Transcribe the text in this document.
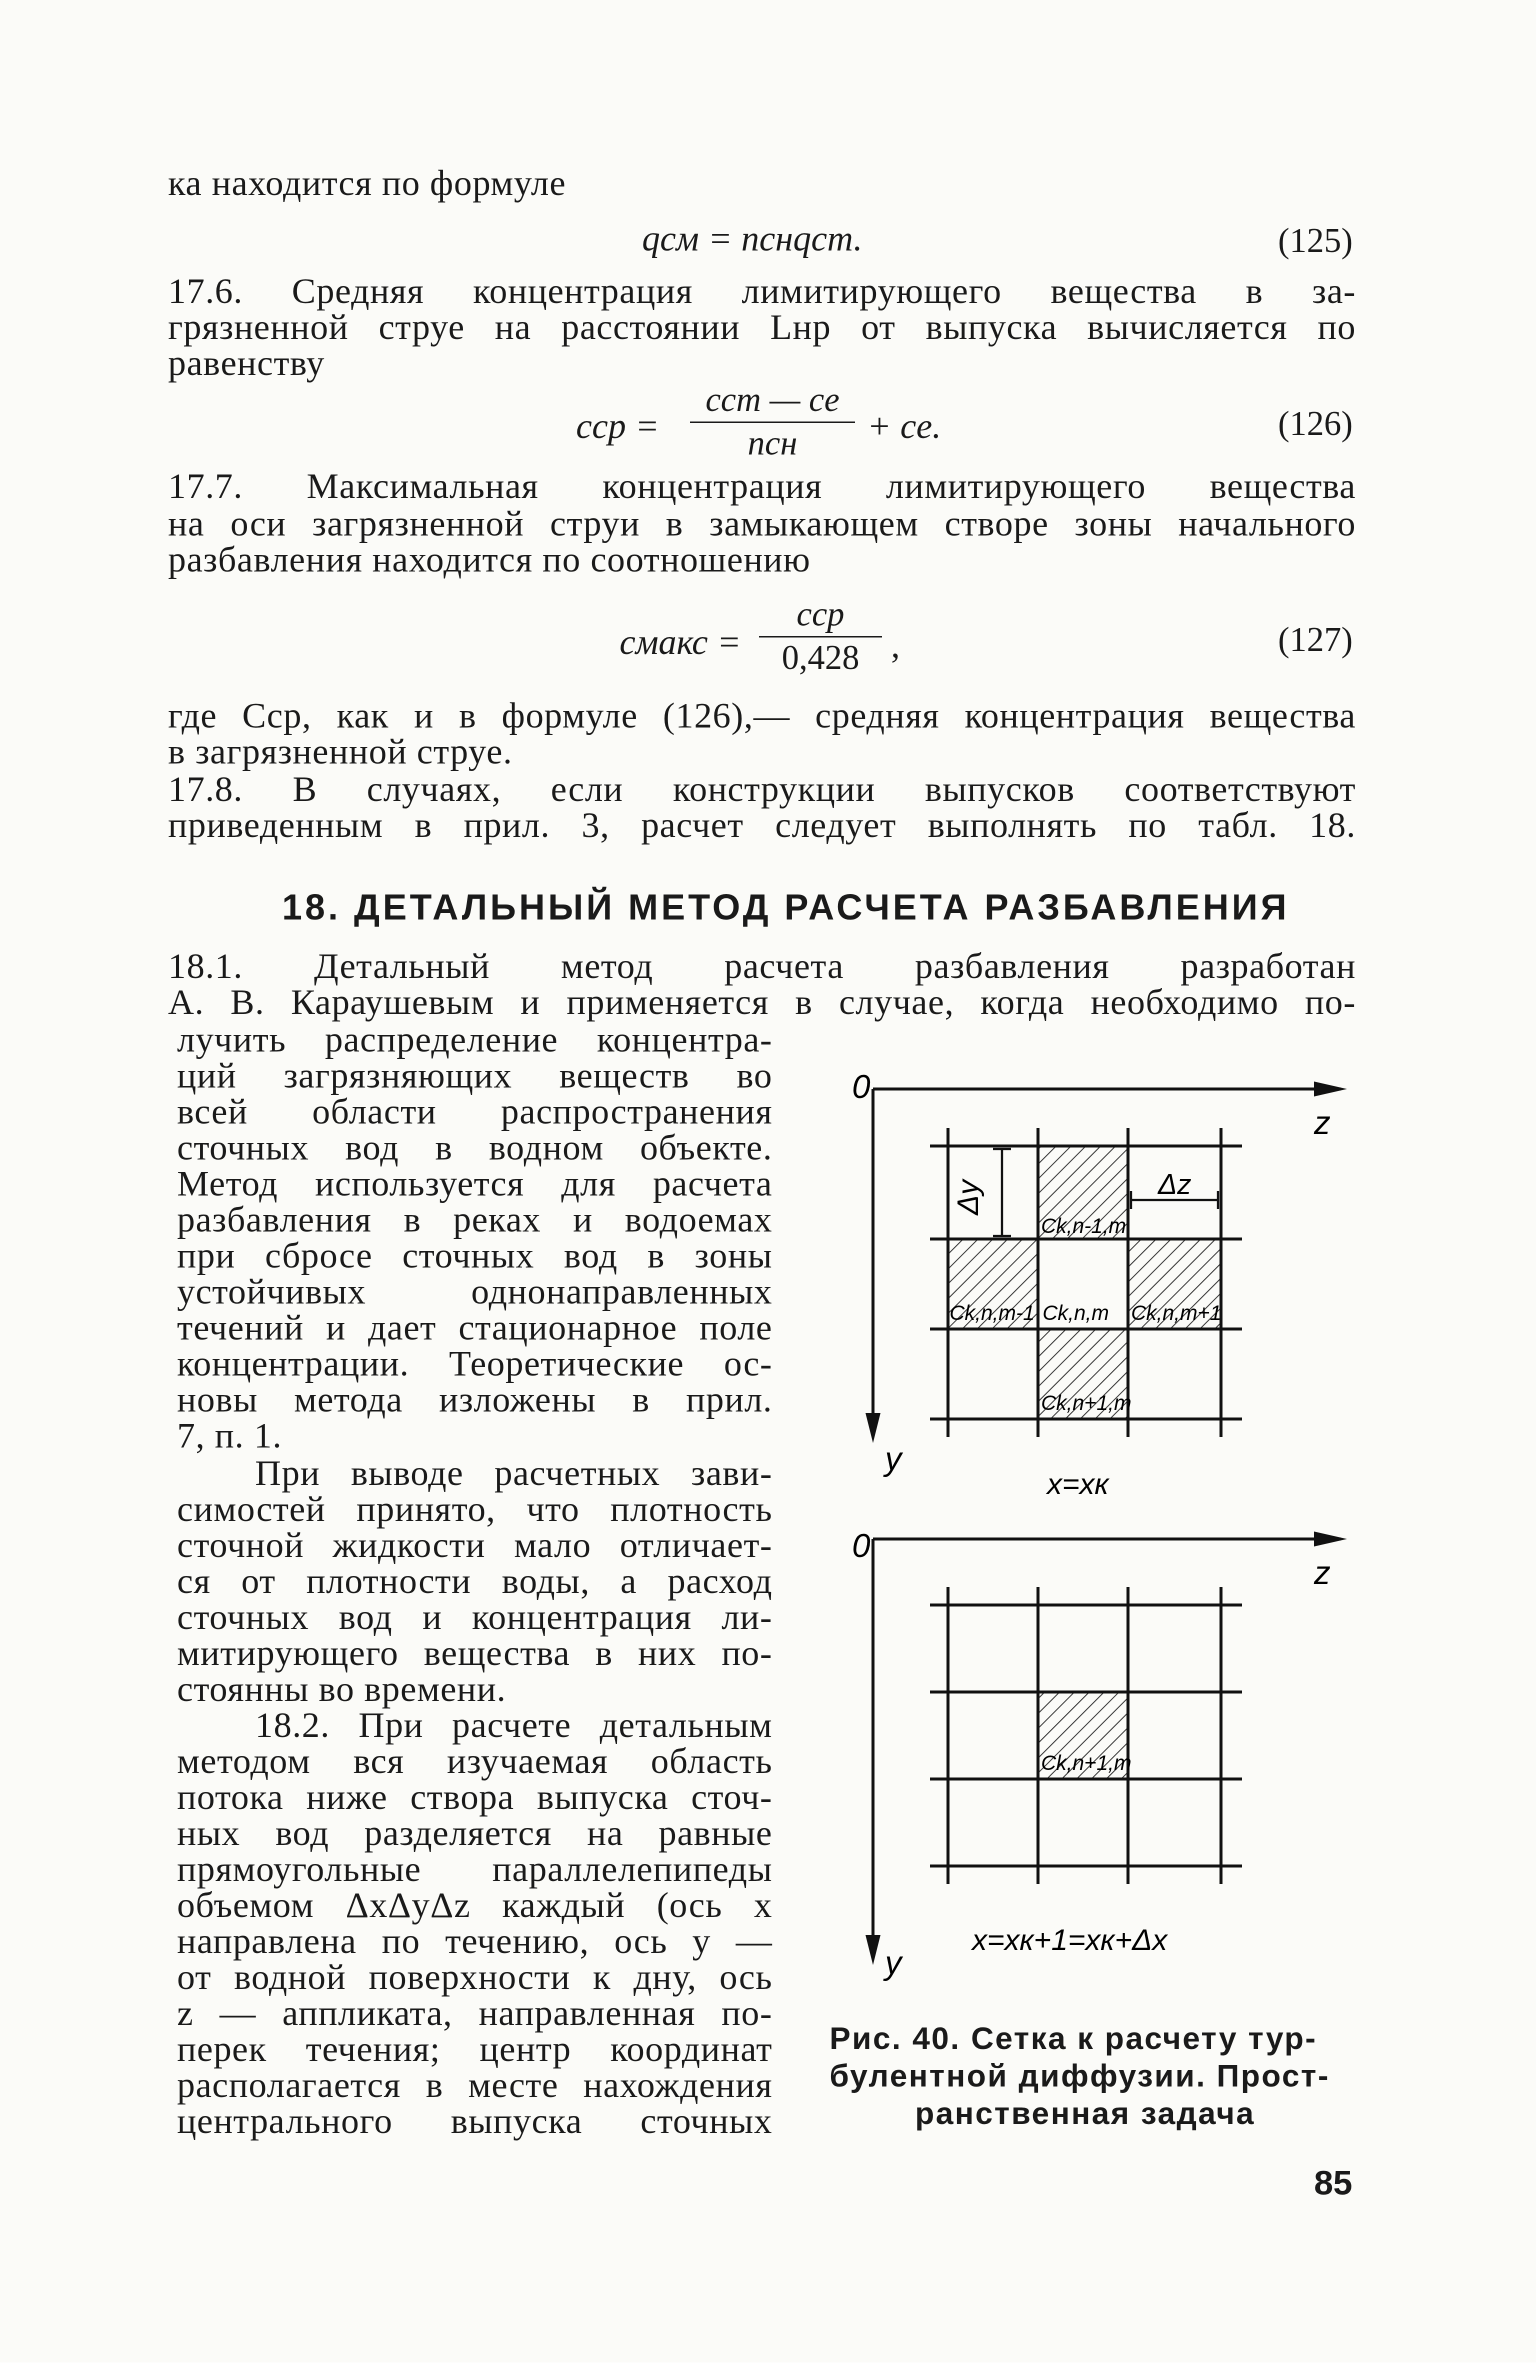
ка находится по формуле
qсм = nснqст.	(125)
17.6. Средняя концентрация лимитирующего вещества в за-
грязненной струе на расстоянии Lнр от выпуска вычисляется по
равенству
cср =
cст — cе
nсн	+ cе.	(126)
17.7. Максимальная концентрация лимитирующего вещества
на оси загрязненной струи в замыкающем створе зоны начального
разбавления находится по соотношению
cмакс =
cср
0,428	,	(127)
где Cср, как и в формуле (126),— средняя концентрация вещества
в загрязненной струе.
17.8. В случаях, если конструкции выпусков соответствуют
приведенным в прил. 3, расчет следует выполнять по табл. 18.
18. ДЕТАЛЬНЫЙ МЕТОД РАСЧЕТА РАЗБАВЛЕНИЯ
18.1. Детальный метод расчета разбавления разработан
А. В. Караушевым и применяется в случае, когда необходимо по-
лучить распределение концентра-
ций загрязняющих веществ во
всей области распространения
сточных вод в водном объекте.
Метод используется для расчета
разбавления в реках и водоемах
при сбросе сточных вод в зоны
устойчивых однонаправленных
течений и дает стационарное поле
концентрации. Теоретические ос-
новы метода изложены в прил.
7, п. 1.
При выводе расчетных зави-
симостей принято, что плотность
сточной жидкости мало отличает-
ся от плотности воды, а расход
сточных вод и концентрация ли-
митирующего вещества в них по-
стоянны во времени.
18.2. При расчете детальным
методом вся изучаемая область
потока ниже створа выпуска сточ-
ных вод разделяется на равные
прямоугольные параллелепипеды
объемом ΔxΔyΔz каждый (ось x
направлена по течению, ось y —
от водной поверхности к дну, ось
z — аппликата, направленная по-
перек течения; центр координат
располагается в месте нахождения
центрального выпуска сточных
0
z
y
Δy	Δz
Ck,n-1,m
Ck,n,m-1 Ck,n,m Ck,n,m+1
Ck,n+1,m
x=xк
0
z
y
Ck,n+1,m
x=xк+1=xк+Δx
Рис. 40. Сетка к расчету тур-
булентной диффузии. Прост-
ранственная задача
85
